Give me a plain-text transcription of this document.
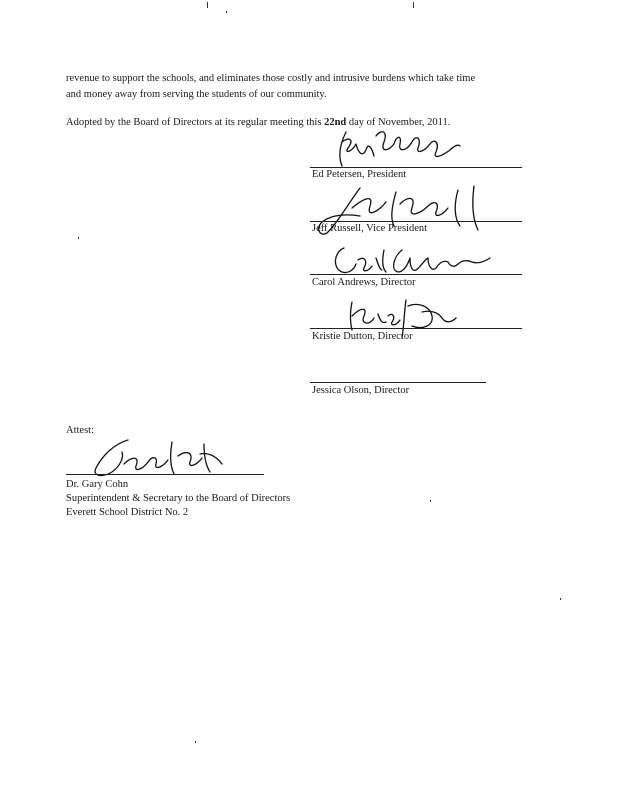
revenue to support the schools, and eliminates those costly and intrusive burdens which take time
and money away from serving the students of our community.
Adopted by the Board of Directors at its regular meeting this 22nd day of November, 2011.
Ed Petersen, President
Jeff Russell, Vice President
Carol Andrews, Director
Kristie Dutton, Director
Jessica Olson, Director
Attest:
Dr. Gary Cohn
Superintendent & Secretary to the Board of Directors
Everett School District No. 2
